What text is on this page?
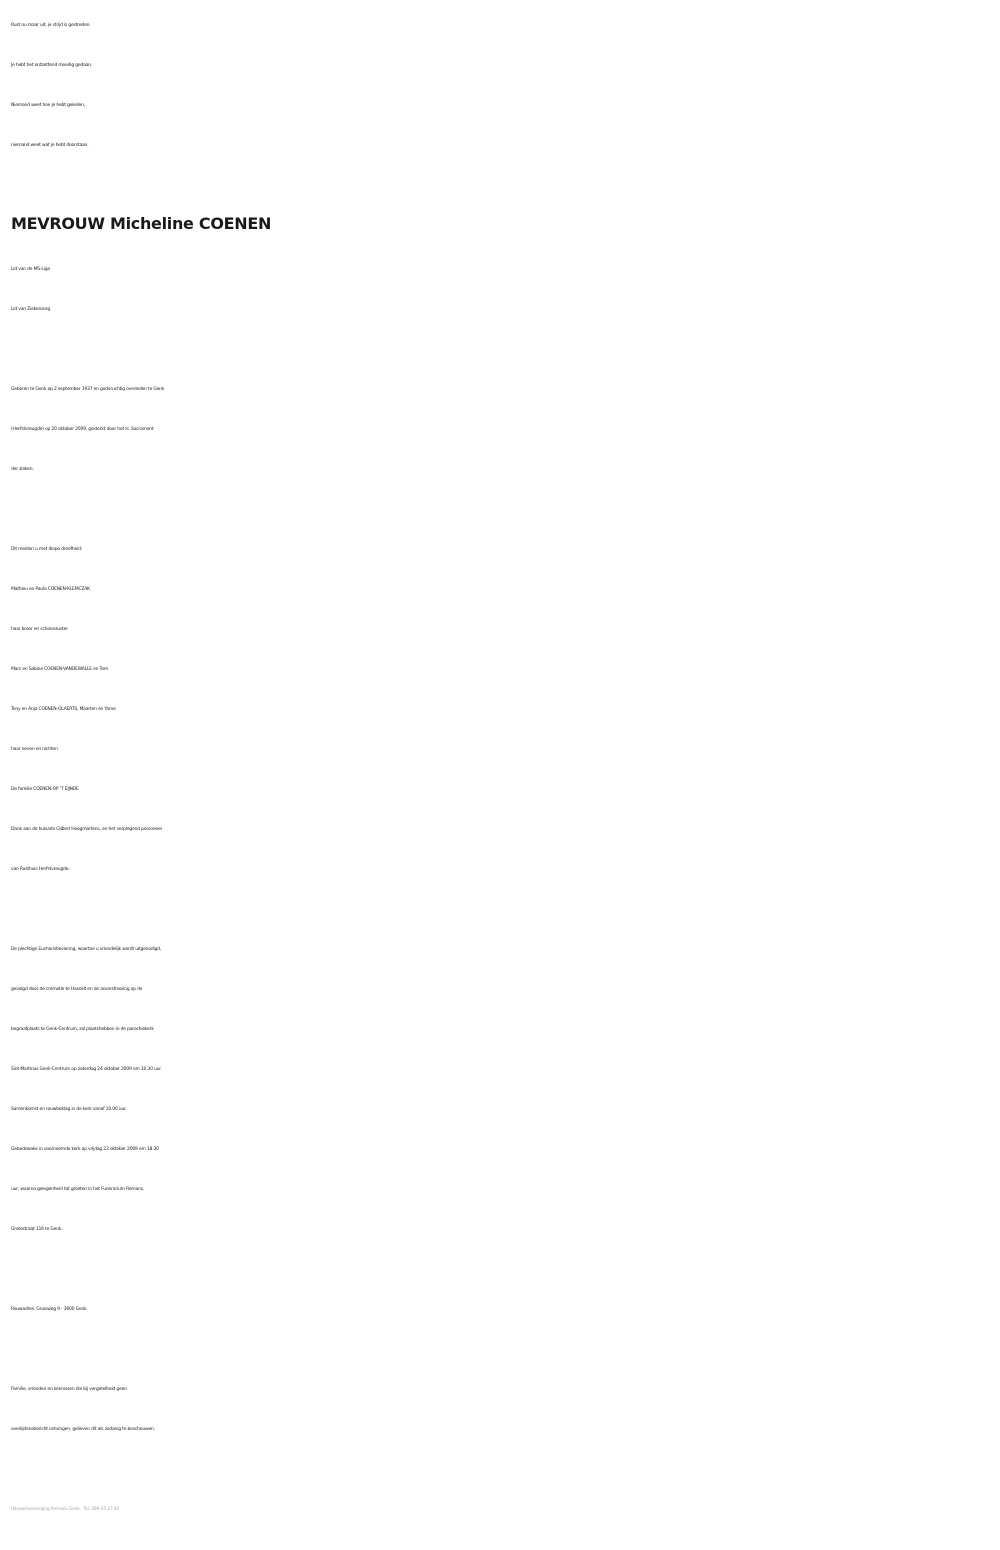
Rust nu maar uit, je strijd is gestreden.
Je hebt het ontzettend moedig gedaan.
Niemand weet hoe je hebt geleden,
niemand weet wat je hebt doorstaan.
MEVROUW Micheline COENEN
Lid van de MS-Liga
Lid van Ziekenzorg
Geboren te Genk op 2 september 1937 en godvruchtig overleden te Genk
(Herfstvreugde) op 20 oktober 2009, gesterkt door het H. Sacrament
der zieken.
Dit melden u met diepe droefheid:
Mathieu en Paula COENEN-KLEMCZAK
haar broer en schoonzuster
Marc en Sabine COENEN-VANDEWALLE en Tom
Tony en Anja COENEN-OLAERTS, Maarten en Yarne
haar neven en nichten
De familie COENEN-OP ‘T EIJNDE
Dank aan de huisarts Gilbert Hoogmartens, en het verplegend personeel
van Rusthuis Herfstvreugde.
De plechtige Eucharistieviering, waartoe u vriendelijk wordt uitgenodigd,
gevolgd door de crematie te Hasselt en de asverstrooiing op de
begraafplaats te Genk-Centrum, zal plaatshebben in de parochiekerk
Sint-Martinus Genk-Centrum op zaterdag 24 oktober 2009 om 10.30 uur.
Samenkomst en rouwbeklag in de kerk vanaf 10.00 uur.
Gebedswake in voornoemde kerk op vrijdag 23 oktober 2009 om 18.30
uur, waarna gelegenheid tot groeten in het Funerarium Remans,
Grotestraat 116 te Genk.
Rouwadres: Gruisweg 9 - 3600 Genk
Familie, vrienden en kennissen die bij vergetelheid geen
overlijdensbericht ontvingen, gelieven dit als zodanig te beschouwen.
Uitvaartverzorging Remans Genk . Tel. 089-35.27.92
